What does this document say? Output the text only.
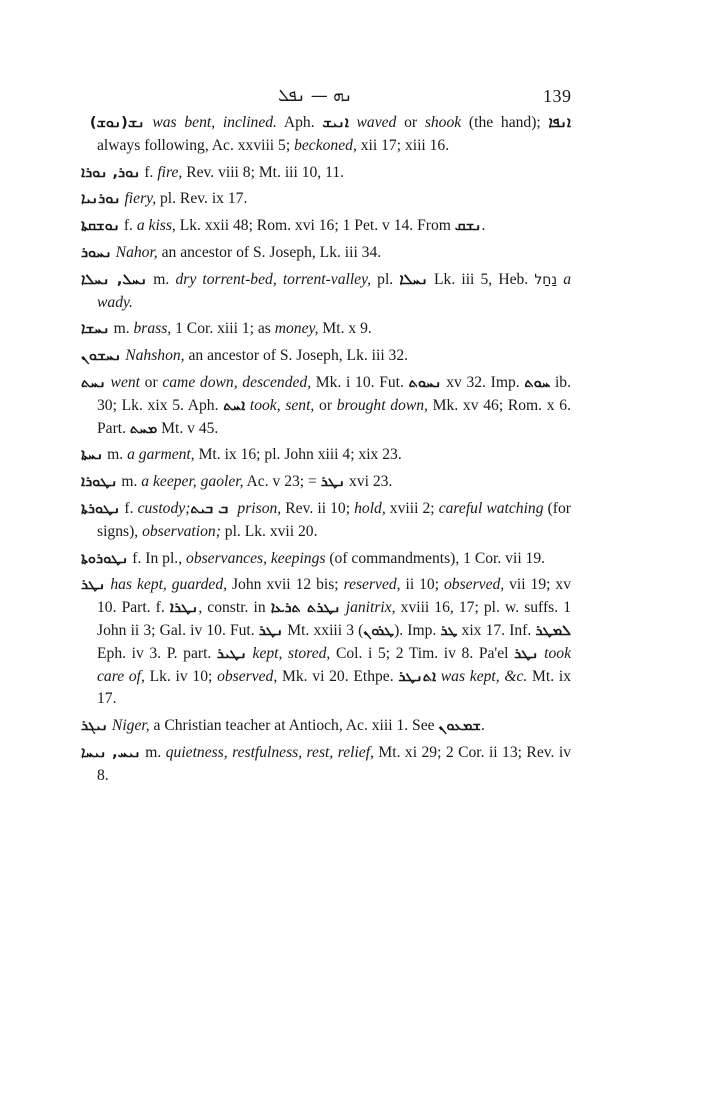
ܢܗ — ܢܦܠ	139

(ܢܘܫ) ܢܫ was bent, inclined. Aph. ܐܢܝܫ waved or shook (the hand); ܐܢܦܐ always following, Ac. xxviii 5; beckoned, xii 17; xiii 16.

ܢܘܪ, ܢܘܪܐ f. fire, Rev. viii 8; Mt. iii 10, 11.

ܢܘܪܢܝܐ fiery, pl. Rev. ix 17.

ܢܘܫܩܬܐ f. a kiss, Lk. xxii 48; Rom. xvi 16; 1 Pet. v 14. From ܢܫܩ.

ܢܚܘܪ Nahor, an ancestor of S. Joseph, Lk. iii 34.

ܢܚܠ, ܢܚܠܐ m. dry torrent-bed, torrent-valley, pl. ܢܚܠܐ Lk. iii 5, Heb. נַחַל a wady.

ܢܚܫܐ m. brass, 1 Cor. xiii 1; as money, Mt. x 9.

ܢܚܫܘܢ Nahshon, an ancestor of S. Joseph, Lk. iii 32.

ܢܚܬ went or came down, descended, Mk. i 10. Fut. ܢܚܘܬ xv 32. Imp. ܚܘܬ ib. 30; Lk. xix 5. Aph. ܐܚܬ took, sent, or brought down, Mk. xv 46; Rom. x 6. Part. ܡܚܬ Mt. v 45.

ܢܚܬܐ m. a garment, Mt. ix 16; pl. John xiii 4; xix 23.

ܢܛܘܪܐ m. a keeper, gaoler, Ac. v 23; = ܢܛܪ xvi 23.

ܢܛܘܪܬܐ f. custody; ܒ ܒܝܬ prison, Rev. ii 10; hold, xviii 2; careful watching (for signs), observation; pl. Lk. xvii 20.

ܢܛܘܪܘܬܐ f. In pl., observances, keepings (of commandments), 1 Cor. vii 19.

ܢܛܪ has kept, guarded, John xvii 12 bis; reserved, ii 10; observed, vii 19; xv 10. Part. f. ܢܛܪܐ, constr. in ܢܛܪܬ ܬܪܥܐ janitrix, xviii 16, 17; pl. w. suffs. 1 John ii 3; Gal. iv 10. Fut. ܢܛܪ Mt. xxiii 3 (ܛܪܘܢ). Imp. ܛܪ xix 17. Inf. ܠܡܛܪ Eph. iv 3. P. part. ܢܛܝܪ kept, stored, Col. i 5; 2 Tim. iv 8. Pa'el ܢܛܪ took care of, Lk. iv 10; observed, Mk. vi 20. Ethpe. ܐܬܢܛܪ was kept, &c. Mt. ix 17.

ܢܝܓܪ Niger, a Christian teacher at Antioch, Ac. xiii 1. See ܫܡܥܘܢ.

ܢܝܚ, ܢܝܚܐ m. quietness, restfulness, rest, relief, Mt. xi 29; 2 Cor. ii 13; Rev. iv 8.
